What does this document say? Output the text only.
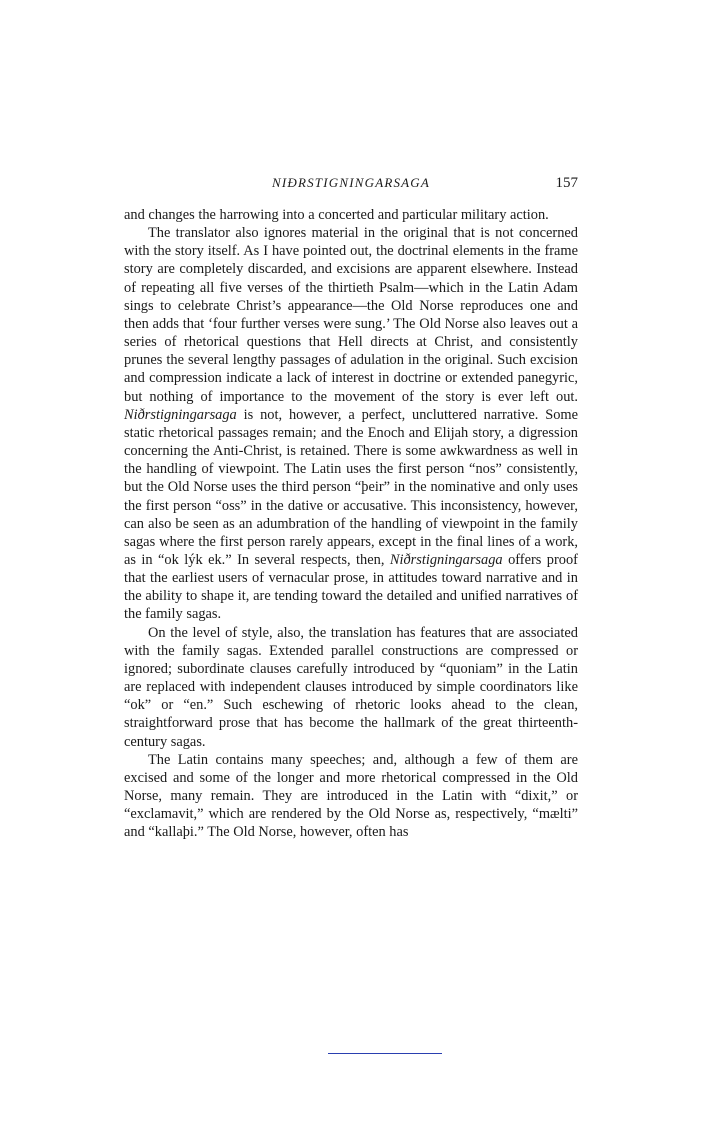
NIÐRSTIGNINGARSAGA	157

and changes the harrowing into a concerted and particular military action.

The translator also ignores material in the original that is not concerned with the story itself. As I have pointed out, the doctrinal elements in the frame story are completely discarded, and excisions are apparent elsewhere. Instead of repeating all five verses of the thirtieth Psalm—which in the Latin Adam sings to celebrate Christ’s appearance—the Old Norse reproduces one and then adds that ‘four further verses were sung.’ The Old Norse also leaves out a series of rhetorical questions that Hell directs at Christ, and consistently prunes the several lengthy passages of adulation in the original. Such excision and compression indicate a lack of interest in doctrine or extended panegyric, but nothing of importance to the movement of the story is ever left out. Niðrstigningarsaga is not, however, a perfect, uncluttered narrative. Some static rhetorical passages remain; and the Enoch and Elijah story, a digression concerning the Anti-Christ, is retained. There is some awkwardness as well in the handling of viewpoint. The Latin uses the first person “nos” consistently, but the Old Norse uses the third person “þeir” in the nominative and only uses the first person “oss” in the dative or accusative. This inconsistency, however, can also be seen as an adumbration of the handling of viewpoint in the family sagas where the first person rarely appears, except in the final lines of a work, as in “ok lýk ek.” In several respects, then, Niðrstigningarsaga offers proof that the earliest users of vernacular prose, in attitudes toward narrative and in the ability to shape it, are tending toward the detailed and unified narratives of the family sagas.

On the level of style, also, the translation has features that are associated with the family sagas. Extended parallel constructions are compressed or ignored; subordinate clauses carefully introduced by “quoniam” in the Latin are replaced with independent clauses introduced by simple coordinators like “ok” or “en.” Such eschewing of rhetoric looks ahead to the clean, straightforward prose that has become the hallmark of the great thirteenth-century sagas.

The Latin contains many speeches; and, although a few of them are excised and some of the longer and more rhetorical compressed in the Old Norse, many remain. They are introduced in the Latin with “dixit,” or “exclamavit,” which are rendered by the Old Norse as, respectively, “mælti” and “kallaþi.” The Old Norse, however, often has
